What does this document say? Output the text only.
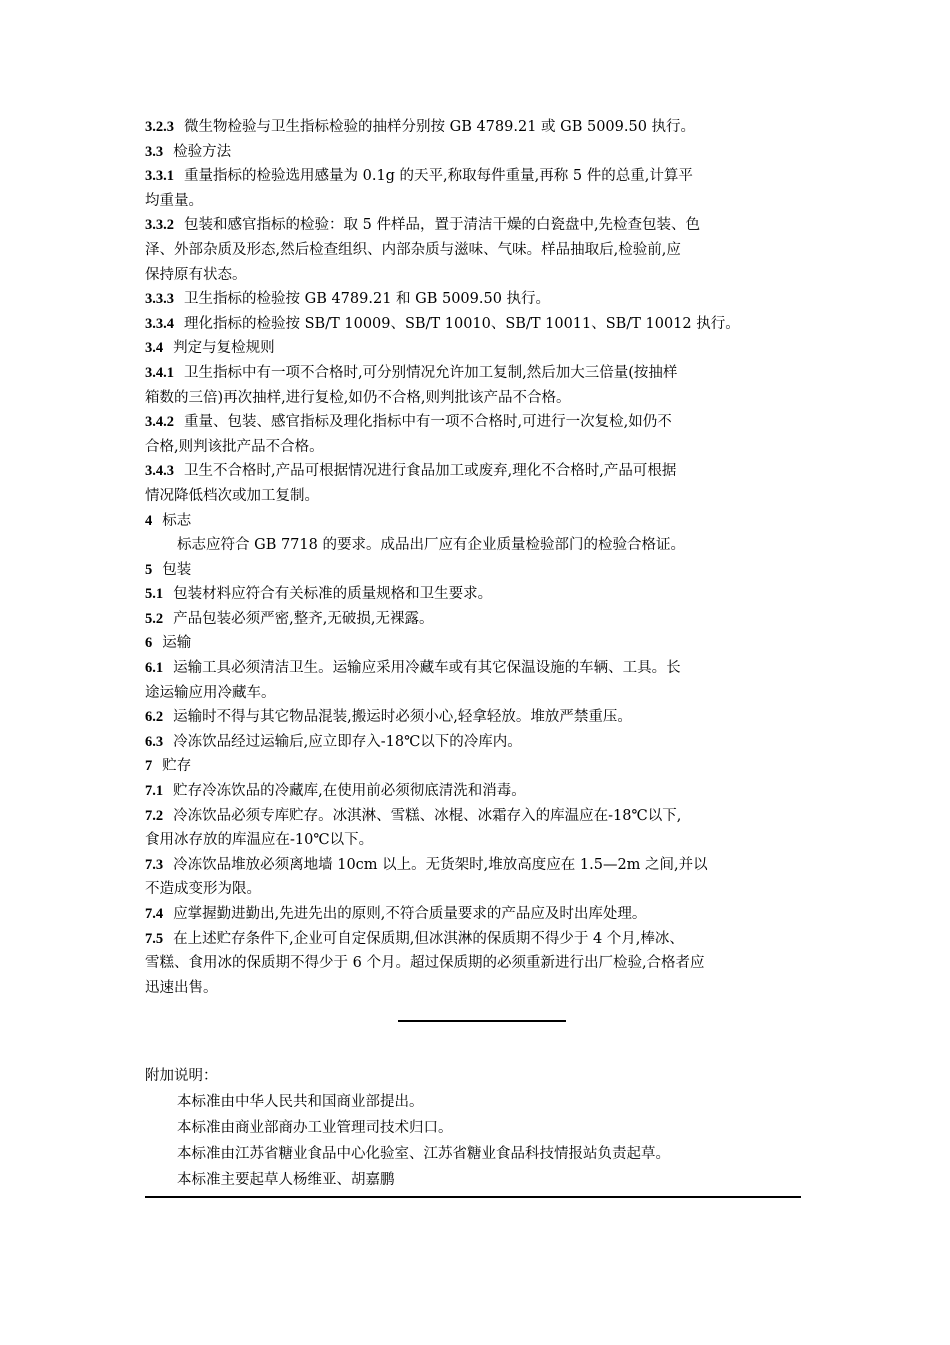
3.2.3 微生物检验与卫生指标检验的抽样分别按 GB 4789.21 或 GB 5009.50 执行。
3.3 检验方法
3.3.1 重量指标的检验选用感量为 0.1g 的天平,称取每件重量,再称 5 件的总重,计算平
均重量。
3.3.2 包装和感官指标的检验：取 5 件样品，置于清洁干燥的白瓷盘中,先检查包装、色
泽、外部杂质及形态,然后检查组织、内部杂质与滋味、气味。样品抽取后,检验前,应
保持原有状态。
3.3.3 卫生指标的检验按 GB 4789.21 和 GB 5009.50 执行。
3.3.4 理化指标的检验按 SB/T 10009、SB/T 10010、SB/T 10011、SB/T 10012 执行。
3.4 判定与复检规则
3.4.1 卫生指标中有一项不合格时,可分别情况允许加工复制,然后加大三倍量(按抽样
箱数的三倍)再次抽样,进行复检,如仍不合格,则判批该产品不合格。
3.4.2 重量、包装、感官指标及理化指标中有一项不合格时,可进行一次复检,如仍不
合格,则判该批产品不合格。
3.4.3 卫生不合格时,产品可根据情况进行食品加工或废弃,理化不合格时,产品可根据
情况降低档次或加工复制。
4 标志
标志应符合 GB 7718 的要求。成品出厂应有企业质量检验部门的检验合格证。
5 包装
5.1 包装材料应符合有关标准的质量规格和卫生要求。
5.2 产品包装必须严密,整齐,无破损,无裸露。
6 运输
6.1 运输工具必须清洁卫生。运输应采用冷藏车或有其它保温设施的车辆、工具。长
途运输应用冷藏车。
6.2 运输时不得与其它物品混装,搬运时必须小心,轻拿轻放。堆放严禁重压。
6.3 冷冻饮品经过运输后,应立即存入-18℃以下的冷库内。
7 贮存
7.1 贮存冷冻饮品的冷藏库,在使用前必须彻底清洗和消毒。
7.2 冷冻饮品必须专库贮存。冰淇淋、雪糕、冰棍、冰霜存入的库温应在-18℃以下,
食用冰存放的库温应在-10℃以下。
7.3 冷冻饮品堆放必须离地墙 10cm 以上。无货架时,堆放高度应在 1.5—2m 之间,并以
不造成变形为限。
7.4 应掌握勤进勤出,先进先出的原则,不符合质量要求的产品应及时出库处理。
7.5 在上述贮存条件下,企业可自定保质期,但冰淇淋的保质期不得少于 4 个月,棒冰、
雪糕、食用冰的保质期不得少于 6 个月。超过保质期的必须重新进行出厂检验,合格者应
迅速出售。
附加说明：
本标准由中华人民共和国商业部提出。
本标准由商业部商办工业管理司技术归口。
本标准由江苏省糖业食品中心化验室、江苏省糖业食品科技情报站负责起草。
本标准主要起草人杨维亚、胡嘉鹏
